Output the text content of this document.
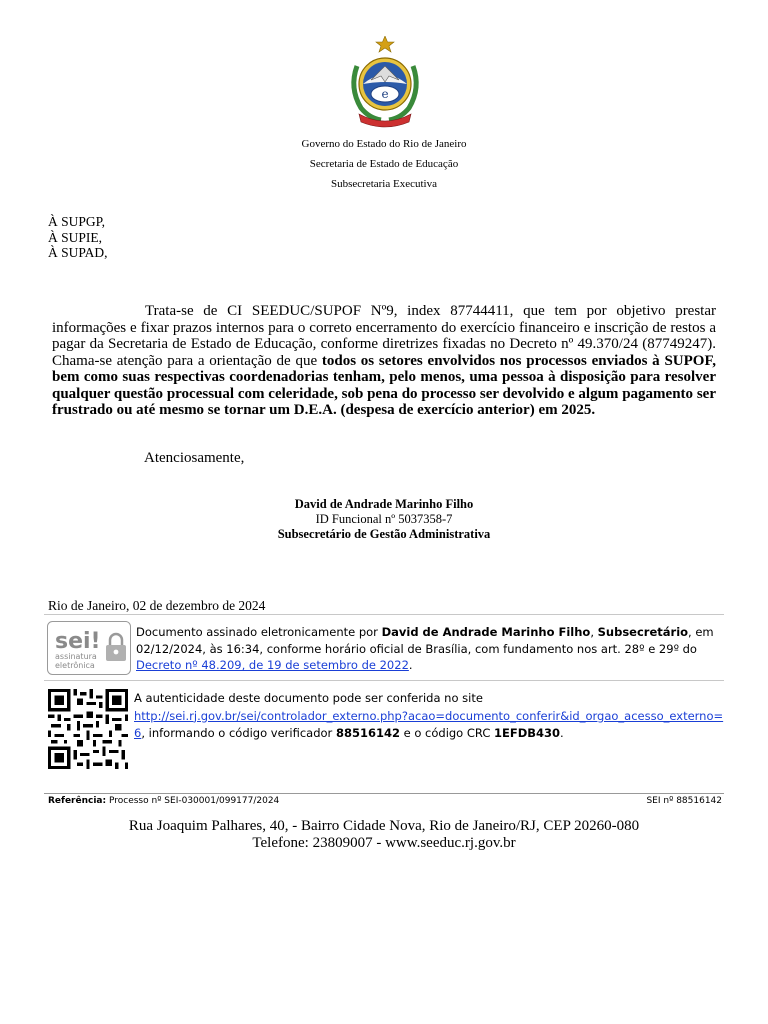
e
Governo do Estado do Rio de Janeiro
Secretaria de Estado de Educação
Subsecretaria Executiva
À SUPGP,
À SUPIE,
À SUPAD,
Trata-se de CI SEEDUC/SUPOF Nº9, index 87744411, que tem por objetivo prestar informações e fixar prazos internos para o correto encerramento do exercício financeiro e inscrição de restos a pagar da Secretaria de Estado de Educação, conforme diretrizes fixadas no Decreto nº 49.370/24 (87749247). Chama-se atenção para a orientação de que todos os setores envolvidos nos processos enviados à SUPOF, bem como suas respectivas coordenadorias tenham, pelo menos, uma pessoa à disposição para resolver qualquer questão processual com celeridade, sob pena do processo ser devolvido e algum pagamento ser frustrado ou até mesmo se tornar um D.E.A. (despesa de exercício anterior) em 2025.
Atenciosamente,
David de Andrade Marinho Filho
ID Funcional nº 5037358-7
Subsecretário de Gestão Administrativa
Rio de Janeiro, 02 de dezembro de 2024
sei!
assinatura
eletrônica
Documento assinado eletronicamente por David de Andrade Marinho Filho, Subsecretário, em 02/12/2024, às 16:34, conforme horário oficial de Brasília, com fundamento nos art. 28º e 29º do Decreto nº 48.209, de 19 de setembro de 2022.
A autenticidade deste documento pode ser conferida no site
http://sei.rj.gov.br/sei/controlador_externo.php?acao=documento_conferir&id_orgao_acesso_externo=6, informando o código verificador 88516142 e o código CRC 1EFDB430.
Referência: Processo nº SEI-030001/099177/2024	SEI nº 88516142
Rua Joaquim Palhares, 40, - Bairro Cidade Nova, Rio de Janeiro/RJ, CEP 20260-080
Telefone: 23809007 - www.seeduc.rj.gov.br
